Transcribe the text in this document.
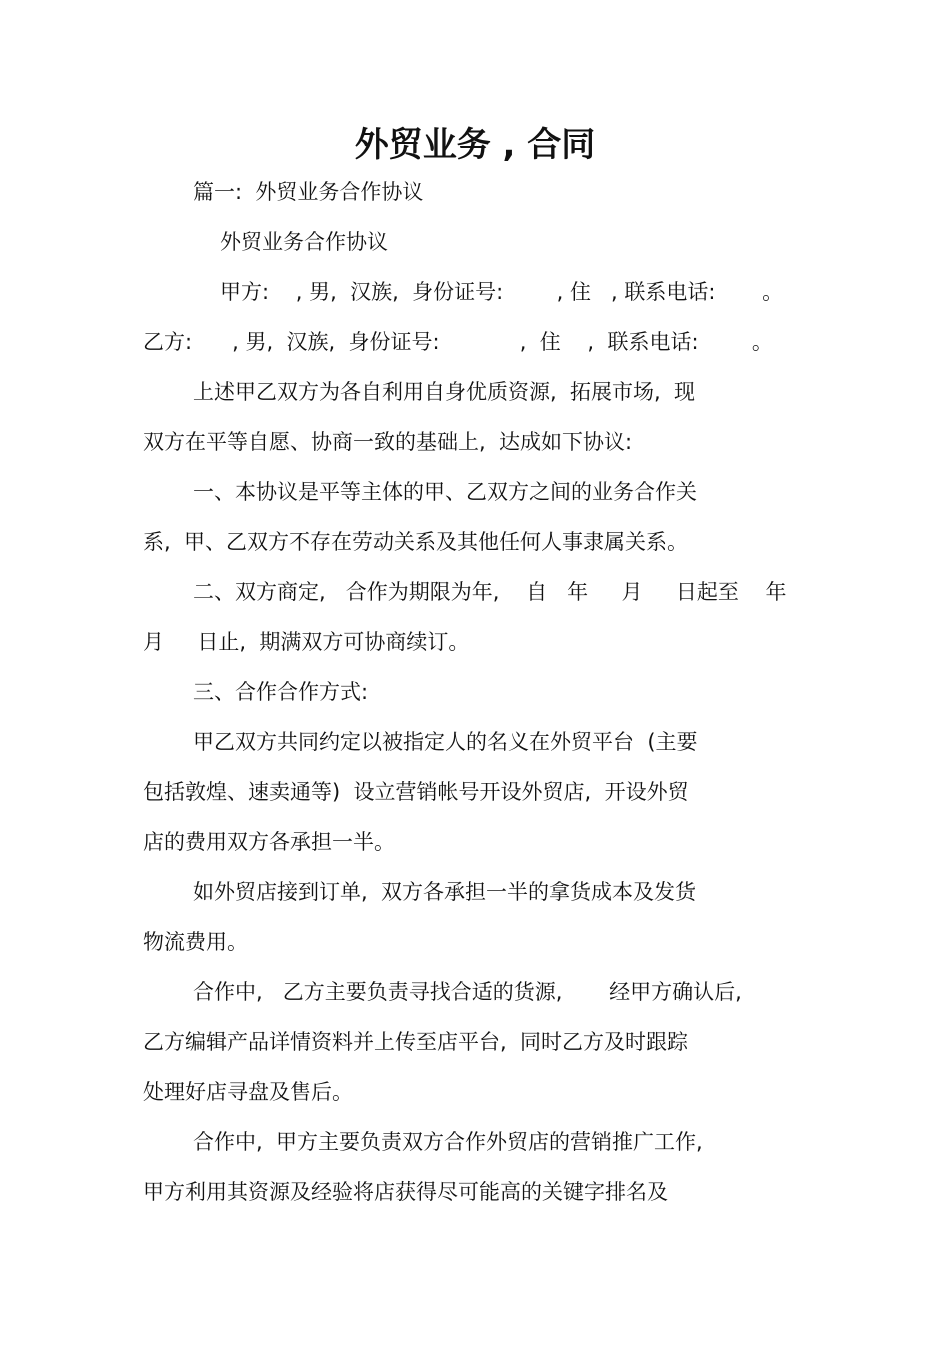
外贸业务 , 合同

篇一:  外贸业务合作协议

外贸业务合作协议

甲方:    , 男,  汉族,  身份证号:        , 住   , 联系电话:       。

乙方:      , 男,  汉族,  身份证号:            ,  住    ,  联系电话:        。

上述甲乙双方为各自利用自身优质资源,  拓展市场,  现

双方在平等自愿、协商一致的基础上,  达成如下协议:

一、本协议是平等主体的甲、乙双方之间的业务合作关

系,  甲、乙双方不存在劳动关系及其他任何人事隶属关系。

二、双方商定,   合作为期限为年,    自   年     月     日起至    年

月     日止,  期满双方可协商续订。

三、合作合作方式:

甲乙双方共同约定以被指定人的名义在外贸平台  (主要

包括敦煌、速卖通等)  设立营销帐号开设外贸店,  开设外贸

店的费用双方各承担一半。

如外贸店接到订单,  双方各承担一半的拿货成本及发货

物流费用。

合作中,   乙方主要负责寻找合适的货源,       经甲方确认后,

乙方编辑产品详情资料并上传至店平台,  同时乙方及时跟踪

处理好店寻盘及售后。

合作中,  甲方主要负责双方合作外贸店的营销推广工作,

甲方利用其资源及经验将店获得尽可能高的关键字排名及
